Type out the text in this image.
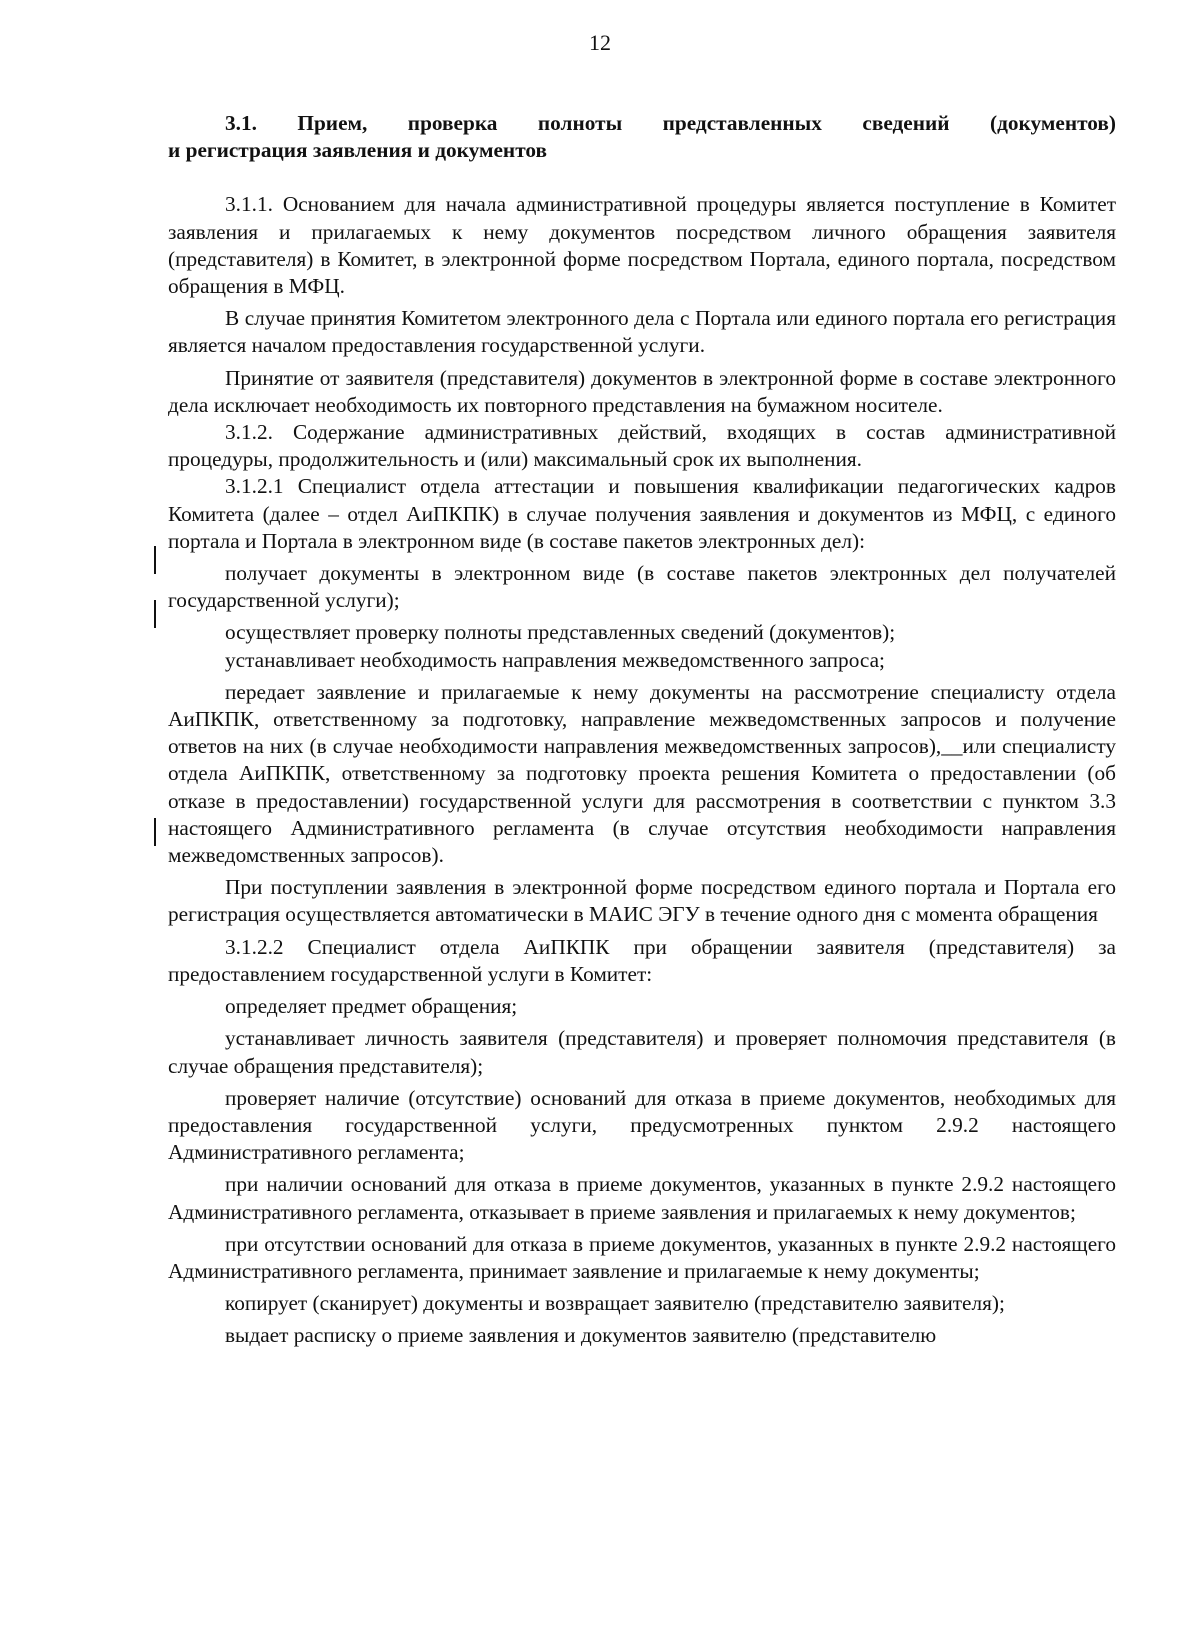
12
3.1. Прием, проверка полноты представленных сведений (документов)
и регистрация заявления и документов

3.1.1. Основанием для начала административной процедуры является поступление в Комитет заявления и прилагаемых к нему документов посредством личного обращения заявителя (представителя) в Комитет, в электронной форме посредством Портала, единого портала, посредством обращения в МФЦ.

В случае принятия Комитетом электронного дела с Портала или единого портала его регистрация является началом предоставления государственной услуги.

Принятие от заявителя (представителя) документов в электронной форме в составе электронного дела исключает необходимость их повторного представления на бумажном носителе.

3.1.2. Содержание административных действий, входящих в состав административной процедуры, продолжительность и (или) максимальный срок их выполнения.

3.1.2.1 Специалист отдела аттестации и повышения квалификации педагогических кадров Комитета (далее – отдел АиПКПК) в случае получения заявления и документов из МФЦ, с единого портала и Портала в электронном виде (в составе пакетов электронных дел):

получает документы в электронном виде (в составе пакетов электронных дел получателей государственной услуги);

осуществляет проверку полноты представленных сведений (документов);

устанавливает необходимость направления межведомственного запроса;

передает заявление и прилагаемые к нему документы на рассмотрение специалисту отдела АиПКПК, ответственному за подготовку, направление межведомственных запросов и получение ответов на них (в случае необходимости направления межведомственных запросов),__или специалисту отдела АиПКПК, ответственному за подготовку проекта решения Комитета о предоставлении (об отказе в предоставлении) государственной услуги для рассмотрения в соответствии с пунктом 3.3 настоящего Административного регламента (в случае отсутствия необходимости направления межведомственных запросов).

При поступлении заявления в электронной форме посредством единого портала и Портала его регистрация осуществляется автоматически в МАИС ЭГУ в течение одного дня с момента обращения

3.1.2.2 Специалист отдела АиПКПК при обращении заявителя (представителя) за предоставлением государственной услуги в Комитет:

определяет предмет обращения;

устанавливает личность заявителя (представителя) и проверяет полномочия представителя (в случае обращения представителя);

проверяет наличие (отсутствие) оснований для отказа в приеме документов, необходимых для предоставления государственной услуги, предусмотренных пунктом 2.9.2 настоящего Административного регламента;

при наличии оснований для отказа в приеме документов, указанных в пункте 2.9.2 настоящего Административного регламента, отказывает в приеме заявления и прилагаемых к нему документов;

при отсутствии оснований для отказа в приеме документов, указанных в пункте 2.9.2 настоящего Административного регламента, принимает заявление и прилагаемые к нему документы;

копирует (сканирует) документы и возвращает заявителю (представителю заявителя);

выдает расписку о приеме заявления и документов заявителю (представителю
